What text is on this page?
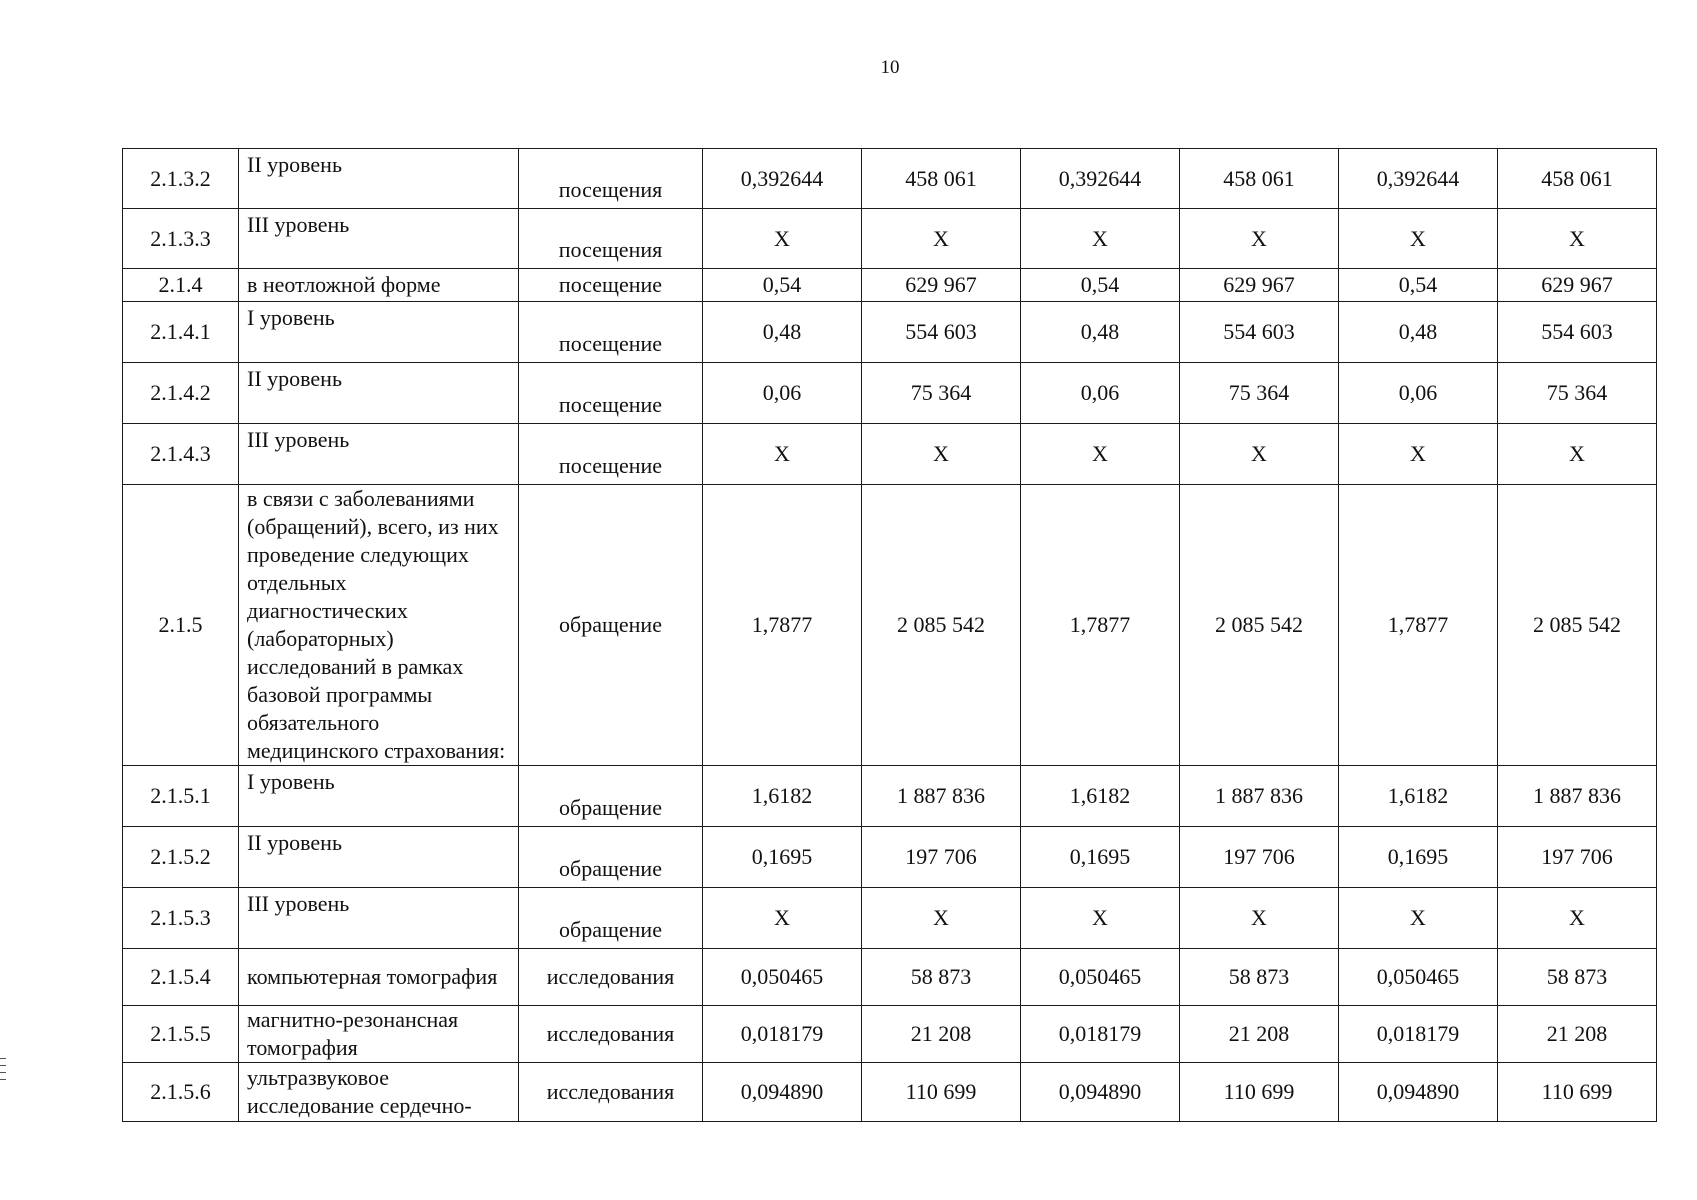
10
2.1.3.2	II уровень	посещения	0,392644	458 061	0,392644	458 061	0,392644	458 061
2.1.3.3	III уровень	посещения	Х	Х	Х	Х	Х	Х
2.1.4	в неотложной форме	посещение	0,54	629 967	0,54	629 967	0,54	629 967
2.1.4.1	I уровень	посещение	0,48	554 603	0,48	554 603	0,48	554 603
2.1.4.2	II уровень	посещение	0,06	75 364	0,06	75 364	0,06	75 364
2.1.4.3	III уровень	посещение	Х	Х	Х	Х	Х	Х
2.1.5	в связи с заболеваниями (обращений), всего, из них проведение следующих отдельных диагностических (лабораторных) исследований в рамках базовой программы обязательного медицинского страхования:	обращение	1,7877	2 085 542	1,7877	2 085 542	1,7877	2 085 542
2.1.5.1	I уровень	обращение	1,6182	1 887 836	1,6182	1 887 836	1,6182	1 887 836
2.1.5.2	II уровень	обращение	0,1695	197 706	0,1695	197 706	0,1695	197 706
2.1.5.3	III уровень	обращение	Х	Х	Х	Х	Х	Х
2.1.5.4	компьютерная томография	исследования	0,050465	58 873	0,050465	58 873	0,050465	58 873
2.1.5.5	магнитно-резонансная томография	исследования	0,018179	21 208	0,018179	21 208	0,018179	21 208
2.1.5.6	ультразвуковое исследование сердечно-	исследования	0,094890	110 699	0,094890	110 699	0,094890	110 699
